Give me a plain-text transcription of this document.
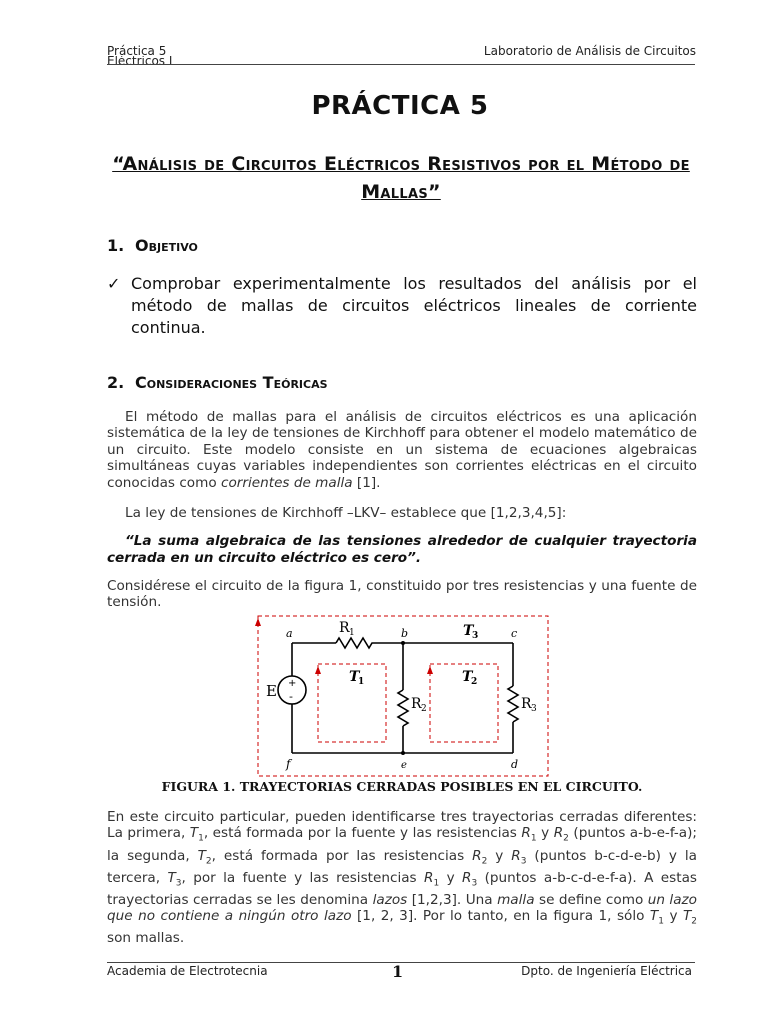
Práctica 5
Eléctricos I
Laboratorio de Análisis de Circuitos
PRÁCTICA 5
“Análisis de Circuitos Eléctricos Resistivos por el Método de Mallas”
1. Objetivo
✓ Comprobar experimentalmente los resultados del análisis por el método de mallas de circuitos eléctricos lineales de corriente continua.
2. Consideraciones Teóricas
El método de mallas para el análisis de circuitos eléctricos es una aplicación sistemática de la ley de tensiones de Kirchhoff para obtener el modelo matemático de un circuito. Este modelo consiste en un sistema de ecuaciones algebraicas simultáneas cuyas variables independientes son corrientes eléctricas en el circuito conocidas como corrientes de malla [1].
La ley de tensiones de Kirchhoff –LKV– establece que [1,2,3,4,5]:
“La suma algebraica de las tensiones alrededor de cualquier trayectoria cerrada en un circuito eléctrico es cero”.
Considérese el circuito de la figura 1, constituido por tres resistencias y una fuente de tensión.
+
-
a	b	c
d
e
f
E
R 1
R 2	R 3
T
3
T
1	T
2
FIGURA 1. TRAYECTORIAS CERRADAS POSIBLES EN EL CIRCUITO.
En este circuito particular, pueden identificarse tres trayectorias cerradas diferentes: La primera, $T_1$, está formada por la fuente y las resistencias $R_1$ y $R_2$ (puntos a-b-e-f-a); la segunda, $T_2$, está formada por las resistencias $R_2$ y $R_3$ (puntos b-c-d-e-b) y la tercera, $T_3$, por la fuente y las resistencias $R_1$ y $R_3$ (puntos a-b-c-d-e-f-a). A estas trayectorias cerradas se les denomina lazos [1,2,3]. Una malla se define como un lazo que no contiene a ningún otro lazo [1, 2, 3]. Por lo tanto, en la figura 1, sólo $T_1$ y $T_2$ son mallas.
Academia de Electrotecnia	1	Dpto. de Ingeniería Eléctrica
